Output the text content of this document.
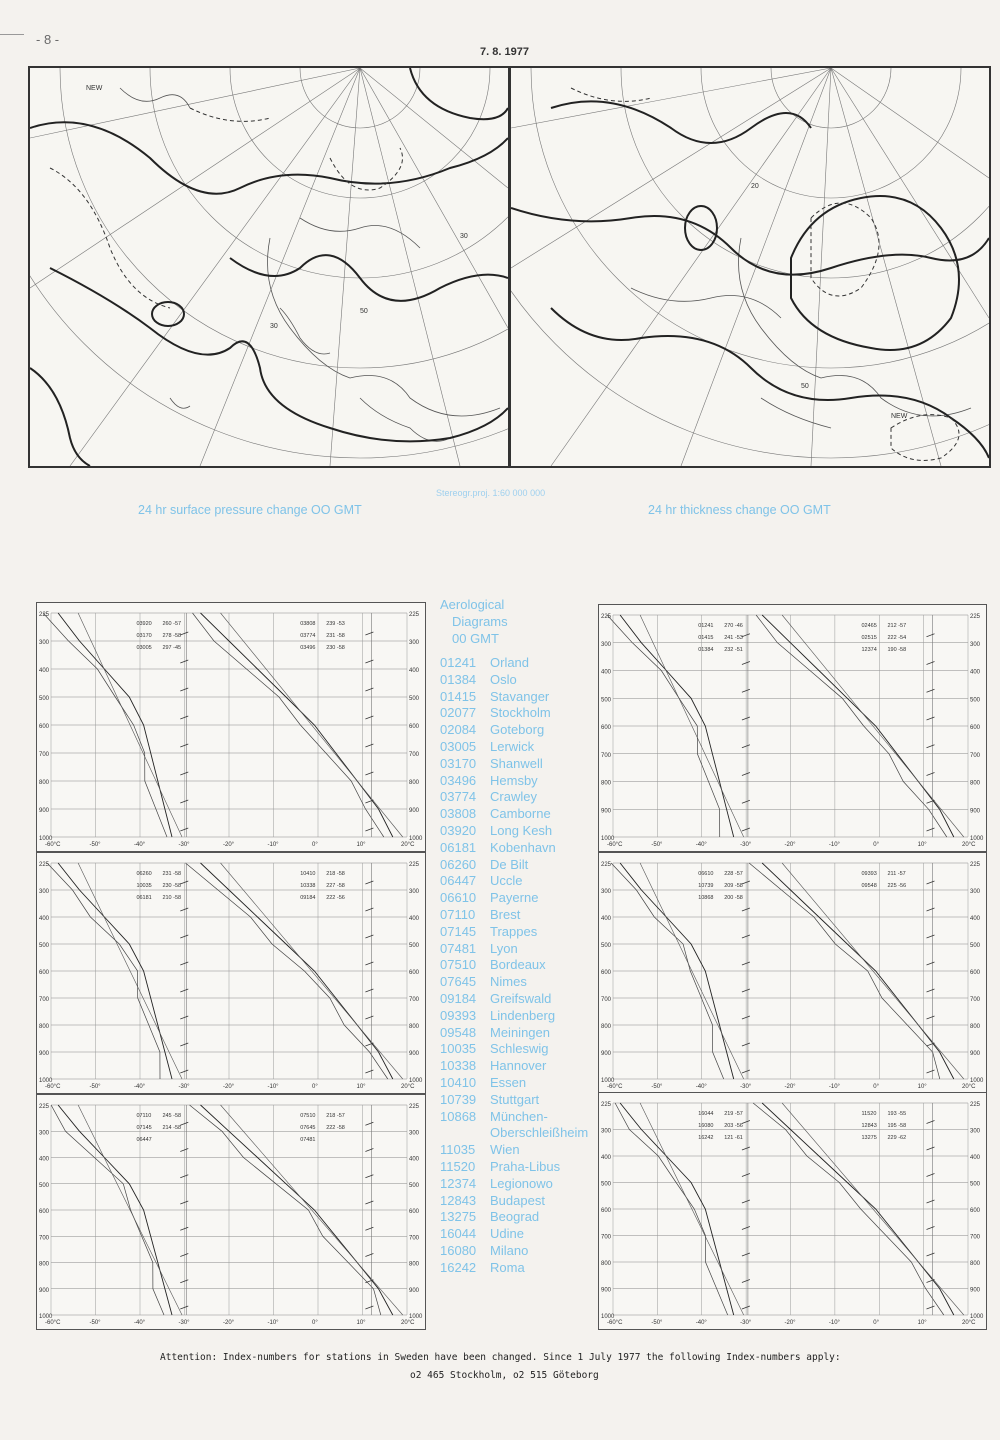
- 8 -
7. 8. 1977
NEW
50
30
30
NEW
50
20
24 hr surface pressure change OO GMT
Stereogr.proj. 1:60 000 000
24 hr thickness change OO GMT
225	225
300	300
400	400
500	500
600	600
700	700
800	800
900	900
1000	1000
-60°C	-50°	-40°	-30°	-20°	-10°	0°	10°	20°C
03920 260 -57
03170 278 -58
03005 297 -45
03808 239 -53
03774 231 -58
03496 230 -58
225	225
300	300
400	400
500	500
600	600
700	700
800	800
900	900
1000	1000
-60°C	-50°	-40°	-30°	-20°	-10°	0°	10°	20°C
01241 270 -46
01415 241 -53
01384 232 -51
02465 212 -57
02515 222 -54
12374 190 -58
225	225
300	300
400	400
500	500
600	600
700	700
800	800
900	900
1000	1000
-60°C	-50°	-40°	-30°	-20°	-10°	0°	10°	20°C
06260 231 -58
10035 230 -58
06181 210 -58
10410 218 -58
10338 227 -58
09184 222 -56
225	225
300	300
400	400
500	500
600	600
700	700
800	800
900	900
1000	1000
-60°C	-50°	-40°	-30°	-20°	-10°	0°	10°	20°C
06610 228 -57
10739 209 -58
10868 200 -58
09393 211 -57
09548 225 -56
225	225
300	300
400	400
500	500
600	600
700	700
800	800
900	900
1000	1000
-60°C	-50°	-40°	-30°	-20°	-10°	0°	10°	20°C
07110 245 -58
07145 214 -58
06447
07510 218 -57
07645 222 -58
07481
225	225
300	300
400	400
500	500
600	600
700	700
800	800
900	900
1000	1000
-60°C	-50°	-40°	-30°	-20°	-10°	0°	10°	20°C
16044 219 -57
16080 203 -56
16242 121 -61
11520 193 -55
12843 195 -58
13275 229 -62
Aerological
Diagrams
00 GMT
01241	Orland
01384	Oslo
01415	Stavanger
02077	Stockholm
02084	Goteborg
03005	Lerwick
03170	Shanwell
03496	Hemsby
03774	Crawley
03808	Camborne
03920	Long Kesh
06181	Kobenhavn
06260	De Bilt
06447	Uccle
06610	Payerne
07110	Brest
07145	Trappes
07481	Lyon
07510	Bordeaux
07645	Nimes
09184	Greifswald
09393	Lindenberg
09548	Meiningen
10035	Schleswig
10338	Hannover
10410	Essen
10739	Stuttgart
10868	München-
Oberschleißheim
11035	Wien
11520	Praha-Libus
12374	Legionowo
12843	Budapest
13275	Beograd
16044	Udine
16080	Milano
16242	Roma
Attention: Index-numbers for stations in Sweden have been changed. Since 1 July 1977 the following Index-numbers apply:
o2 465 Stockholm, o2 515 Göteborg
